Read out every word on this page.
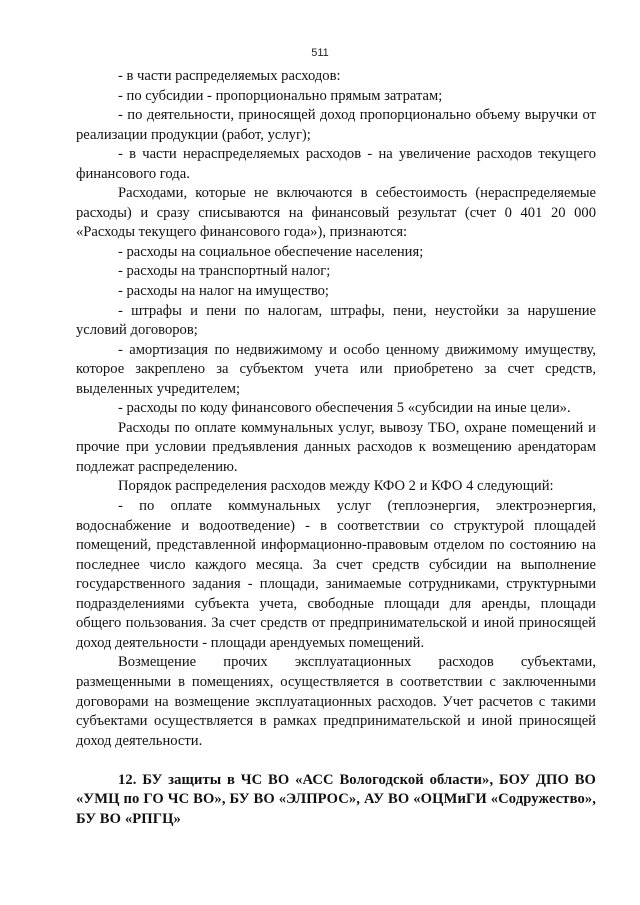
511

- в части распределяемых расходов:

- по субсидии - пропорционально прямым затратам;

- по деятельности, приносящей доход пропорционально объему выручки от реализации продукции (работ, услуг);

- в части нераспределяемых расходов - на увеличение расходов текущего финансового года.

Расходами, которые не включаются в себестоимость (нераспределяемые расходы) и сразу списываются на финансовый результат (счет 0 401 20 000 «Расходы текущего финансового года»), признаются:

- расходы на социальное обеспечение населения;

- расходы на транспортный налог;

- расходы на налог на имущество;

- штрафы и пени по налогам, штрафы, пени, неустойки за нарушение условий договоров;

- амортизация по недвижимому и особо ценному движимому имуществу, которое закреплено за субъектом учета или приобретено за счет средств, выделенных учредителем;

- расходы по коду финансового обеспечения 5 «субсидии на иные цели».

Расходы по оплате коммунальных услуг, вывозу ТБО, охране помещений и прочие при условии предъявления данных расходов к возмещению арендаторам подлежат распределению.

Порядок распределения расходов между КФО 2 и КФО 4 следующий:

- по оплате коммунальных услуг (теплоэнергия, электроэнергия, водоснабжение и водоотведение) - в соответствии со структурой площадей помещений, представленной информационно-правовым отделом по состоянию на последнее число каждого месяца. За счет средств субсидии на выполнение государственного задания - площади, занимаемые сотрудниками, структурными подразделениями субъекта учета, свободные площади для аренды, площади общего пользования. За счет средств от предпринимательской и иной приносящей доход деятельности - площади арендуемых помещений.

Возмещение прочих эксплуатационных расходов субъектами, размещенными в помещениях, осуществляется в соответствии с заключенными договорами на возмещение эксплуатационных расходов. Учет расчетов с такими субъектами осуществляется в рамках предпринимательской и иной приносящей доход деятельности.

12. БУ защиты в ЧС ВО «АСС Вологодской области», БОУ ДПО ВО «УМЦ по ГО ЧС ВО», БУ ВО «ЭЛПРОС», АУ ВО «ОЦМиГИ «Содружество», БУ ВО «РПГЦ»
